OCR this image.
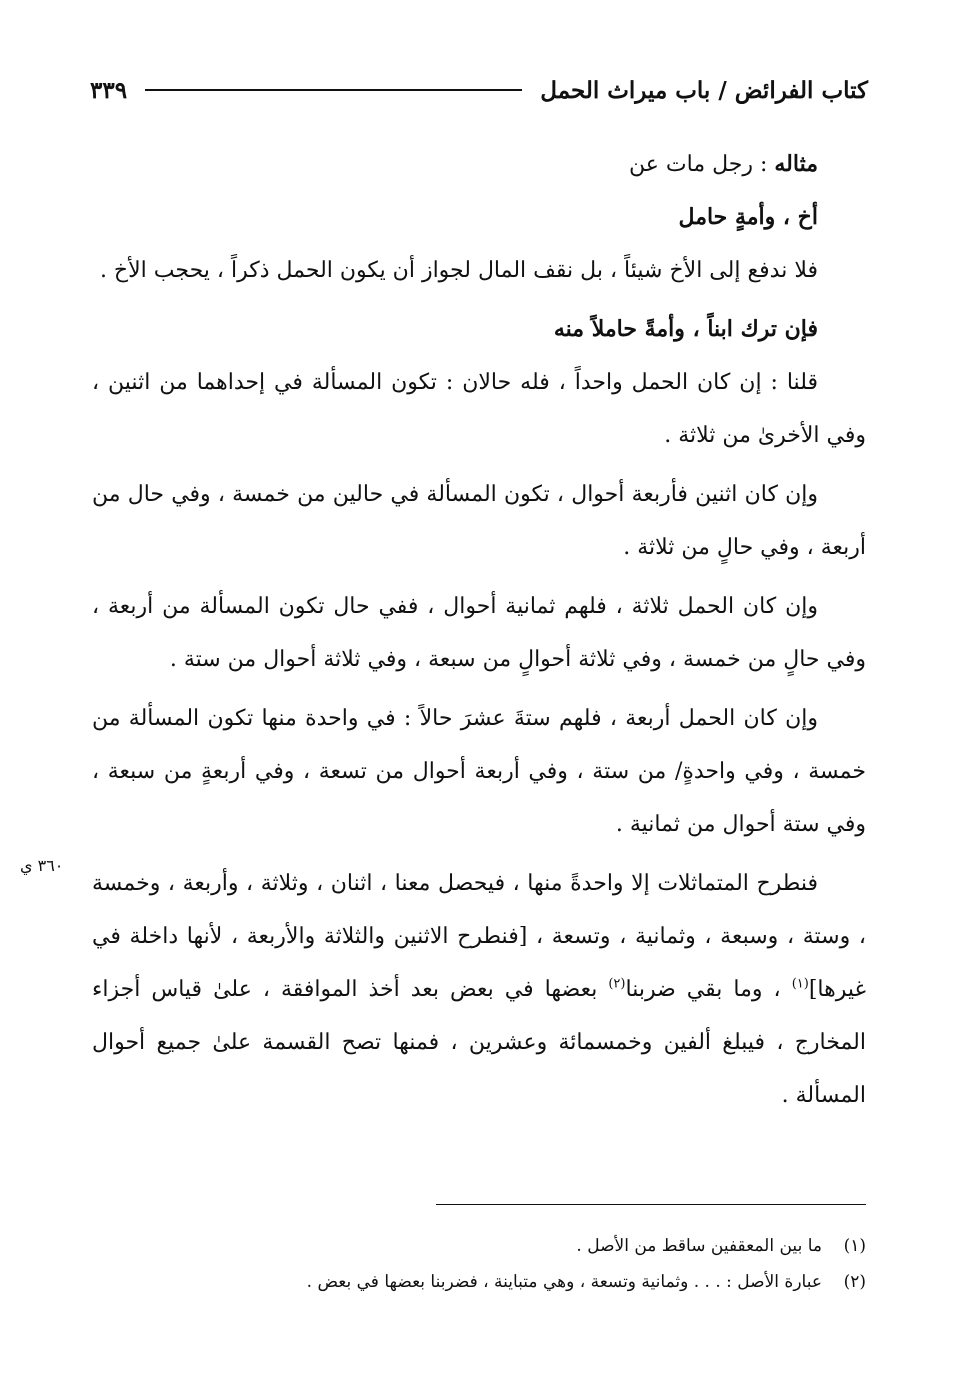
كتاب الفرائض / باب ميراث الحمل
٣٣٩

مثاله : رجل مات عن

أخ ، وأمةٍ حامل

فلا ندفع إلى الأخ شيئاً ، بل نقف المال لجواز أن يكون الحمل ذكراً ، يحجب الأخ .

فإن ترك ابناً ، وأمةً حاملاً منه

قلنا : إن كان الحمل واحداً ، فله حالان : تكون المسألة في إحداهما من اثنين ، وفي الأخرىٰ من ثلاثة .

وإن كان اثنين فأربعة أحوال ، تكون المسألة في حالين من خمسة ، وفي حال من أربعة ، وفي حالٍ من ثلاثة .

وإن كان الحمل ثلاثة ، فلهم ثمانية أحوال ، ففي حال تكون المسألة من أربعة ، وفي حالٍ من خمسة ، وفي ثلاثة أحوالٍ من سبعة ، وفي ثلاثة أحوال من ستة .

وإن كان الحمل أربعة ، فلهم ستةَ عشرَ حالاً : في واحدة منها تكون المسألة من خمسة ، وفي واحدةٍ/ من ستة ، وفي أربعة أحوال من تسعة ، وفي أربعةٍ من سبعة ، وفي ستة أحوال من ثمانية .

فنطرح المتماثلات إلا واحدةً منها ، فيحصل معنا ، اثنان ، وثلاثة ، وأربعة ، وخمسة ، وستة ، وسبعة ، وثمانية ، وتسعة ، [فنطرح الاثنين والثلاثة والأربعة ، لأنها داخلة في غيرها]$^{(١)}$ ، وما بقي ضربنا$^{(٢)}$ بعضها في بعض بعد أخذ الموافقة ، علىٰ قياس أجزاء المخارج ، فيبلغ ألفين وخمسمائة وعشرين ، فمنها تصح القسمة علىٰ جميع أحوال المسألة .

٣٦٠ ي

(١)ما بين المعقفين ساقط من الأصل .

(٢)عبارة الأصل : . . . وثمانية وتسعة ، وهي متباينة ، فضربنا بعضها في بعض .
